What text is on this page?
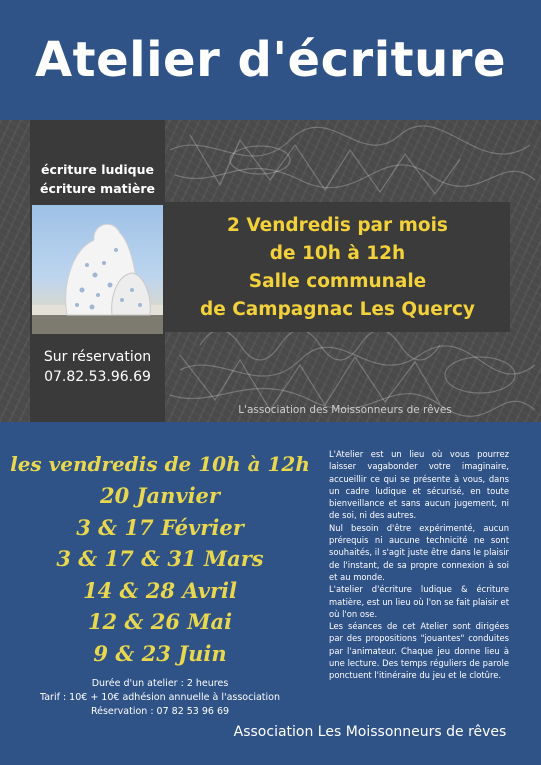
Atelier d'écriture
écriture ludique
écriture matière
Sur réservation
07.82.53.96.69
2 Vendredis par mois
de 10h à 12h
Salle communale
de Campagnac Les Quercy
L'association des Moissonneurs de rêves
les vendredis de 10h à 12h
20 Janvier
3 & 17 Février
3 & 17 & 31 Mars
14 & 28 Avril
12 & 26 Mai
9 & 23 Juin
Durée d'un atelier : 2 heures
Tarif : 10€ + 10€ adhésion annuelle à l'association
Réservation : 07 82 53 96 69

L'Atelier est un lieu où vous pourrez laisser vagabonder votre imaginaire, accueillir ce qui se présente à vous, dans un cadre ludique et sécurisé, en toute bienveillance et sans aucun jugement, ni de soi, ni des autres.

Nul besoin d'être expérimenté, aucun prérequis ni aucune technicité ne sont souhaités, il s'agit juste être dans le plaisir de l'instant, de sa propre connexion à soi et au monde.

L'atelier d'écriture ludique & écriture matière, est un lieu où l'on se fait plaisir et où l'on ose.

Les séances de cet Atelier sont dirigées par des propositions "jouantes" conduites par l'animateur. Chaque jeu donne lieu à une lecture. Des temps réguliers de parole ponctuent l'itinéraire du jeu et le clotûre.

Association Les Moissonneurs de rêves
